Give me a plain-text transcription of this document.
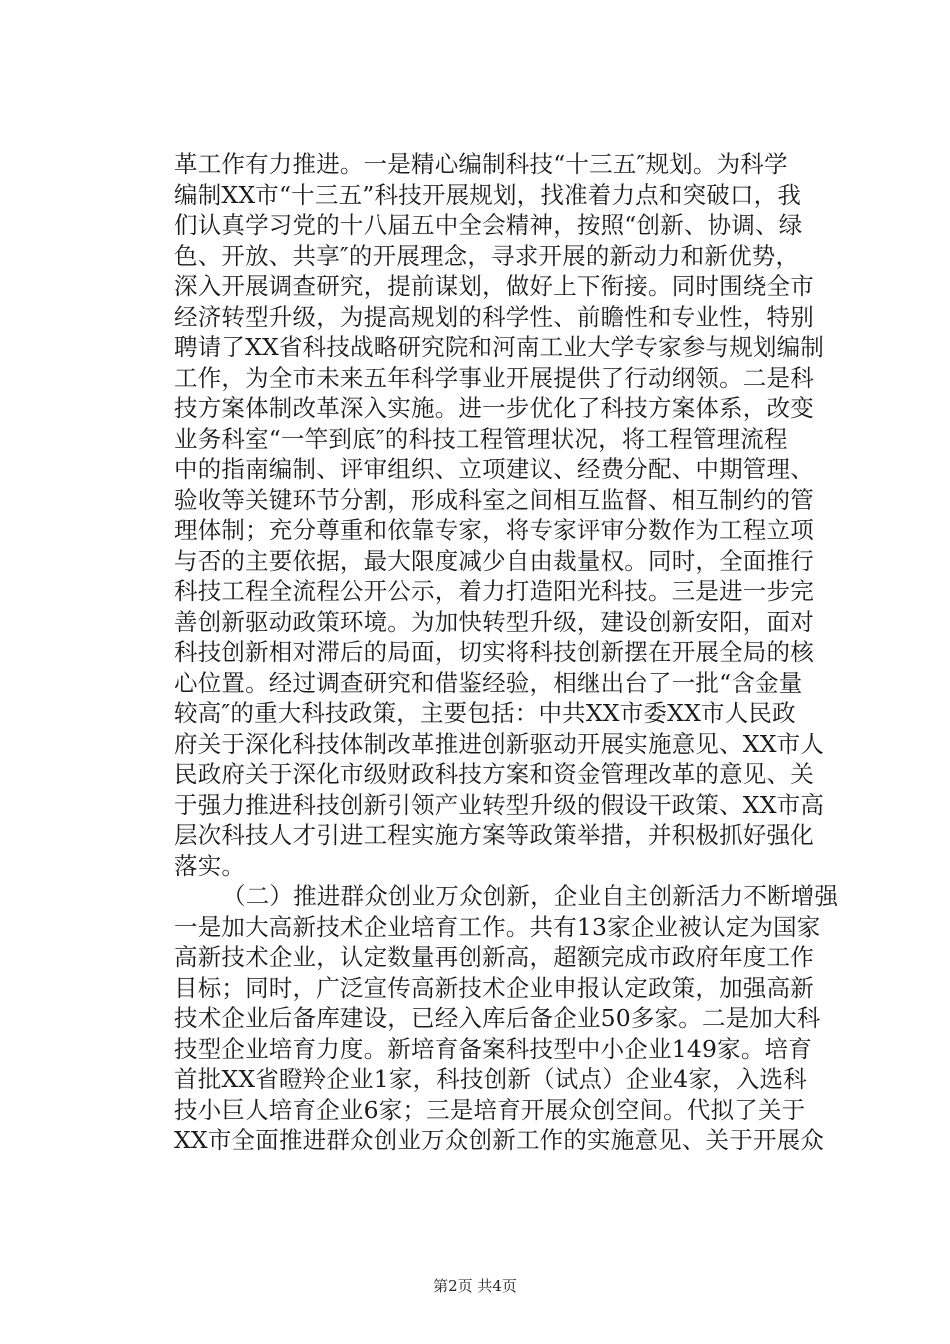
革工作有力推进。一是精心编制科技“十三五″规划。为科学
编制XX市“十三五”科技开展规划，找准着力点和突破口，我
们认真学习党的十八届五中全会精神，按照“创新、协调、绿
色、开放、共享″的开展理念，寻求开展的新动力和新优势，
深入开展调查研究，提前谋划，做好上下衔接。同时围绕全市
经济转型升级，为提高规划的科学性、前瞻性和专业性，特别
聘请了XX省科技战略研究院和河南工业大学专家参与规划编制
工作，为全市未来五年科学事业开展提供了行动纲领。二是科
技方案体制改革深入实施。进一步优化了科技方案体系，改变
业务科室“一竿到底″的科技工程管理状况，将工程管理流程
中的指南编制、评审组织、立项建议、经费分配、中期管理、
验收等关键环节分割，形成科室之间相互监督、相互制约的管
理体制；充分尊重和依靠专家，将专家评审分数作为工程立项
与否的主要依据，最大限度减少自由裁量权。同时，全面推行
科技工程全流程公开公示，着力打造阳光科技。三是进一步完
善创新驱动政策环境。为加快转型升级，建设创新安阳，面对
科技创新相对滞后的局面，切实将科技创新摆在开展全局的核
心位置。经过调查研究和借鉴经验，相继出台了一批“含金量
较高″的重大科技政策，主要包括：中共XX市委XX市人民政
府关于深化科技体制改革推进创新驱动开展实施意见、XX市人
民政府关于深化市级财政科技方案和资金管理改革的意见、关
于强力推进科技创新引领产业转型升级的假设干政策、XX市高
层次科技人才引进工程实施方案等政策举措，并积极抓好强化
落实。
（二）推进群众创业万众创新，企业自主创新活力不断增强
一是加大高新技术企业培育工作。共有13家企业被认定为国家
高新技术企业，认定数量再创新高，超额完成市政府年度工作
目标；同时，广泛宣传高新技术企业申报认定政策，加强高新
技术企业后备库建设，已经入库后备企业50多家。二是加大科
技型企业培育力度。新培育备案科技型中小企业149家。培育
首批XX省瞪羚企业1家，科技创新（试点）企业4家，入选科
技小巨人培育企业6家；三是培育开展众创空间。代拟了关于
XX市全面推进群众创业万众创新工作的实施意见、关于开展众
第2页 共4页
